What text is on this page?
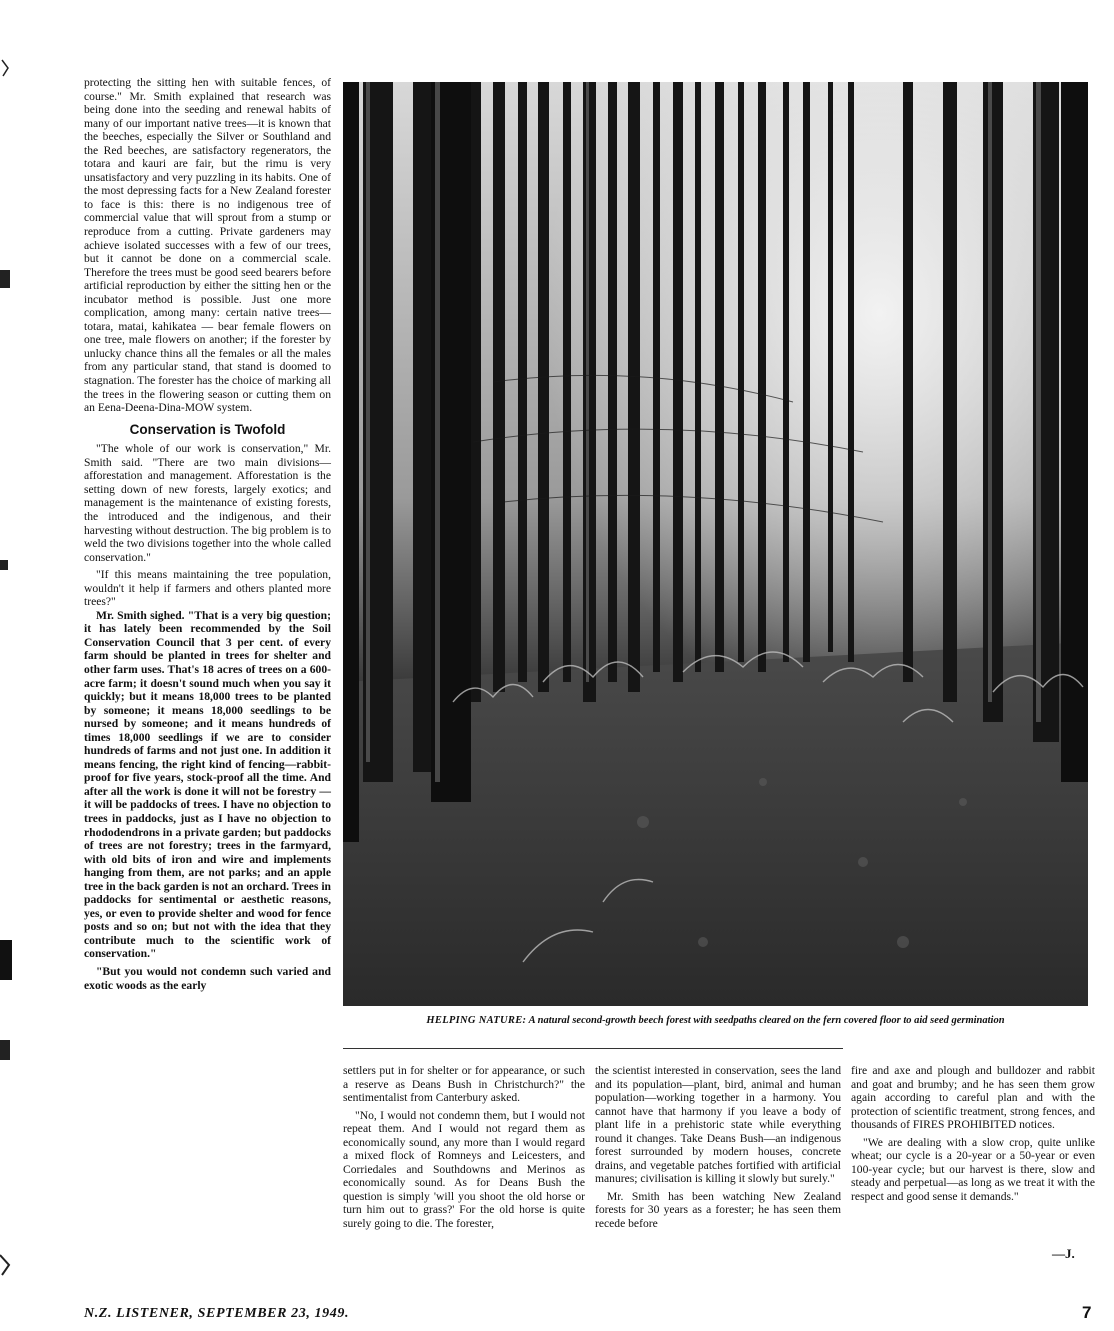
protecting the sitting hen with suitable fences, of course." Mr. Smith explained that research was being done into the seeding and renewal habits of many of our important native trees—it is known that the beeches, especially the Silver or Southland and the Red beeches, are satisfactory regenerators, the totara and kauri are fair, but the rimu is very unsatisfactory and very puzzling in its habits. One of the most depressing facts for a New Zealand forester to face is this: there is no indigenous tree of commercial value that will sprout from a stump or reproduce from a cutting. Private gardeners may achieve isolated successes with a few of our trees, but it cannot be done on a commercial scale. Therefore the trees must be good seed bearers before artificial reproduction by either the sitting hen or the incubator method is possible. Just one more complication, among many: certain native trees—totara, matai, kahikatea — bear female flowers on one tree, male flowers on another; if the forester by unlucky chance thins all the females or all the males from any particular stand, that stand is doomed to stagnation. The forester has the choice of marking all the trees in the flowering season or cutting them on an Eena-Deena-Dina-MOW system.

Conservation is Twofold

"The whole of our work is conservation," Mr. Smith said. "There are two main divisions—afforestation and management. Afforestation is the setting down of new forests, largely exotics; and management is the maintenance of existing forests, the introduced and the indigenous, and their harvesting without destruction. The big problem is to weld the two divisions together into the whole called conservation."

"If this means maintaining the tree population, wouldn't it help if farmers and others planted more trees?"

Mr. Smith sighed. "That is a very big question; it has lately been recommended by the Soil Conservation Council that 3 per cent. of every farm should be planted in trees for shelter and other farm uses. That's 18 acres of trees on a 600-acre farm; it doesn't sound much when you say it quickly; but it means 18,000 trees to be planted by someone; it means 18,000 seedlings to be nursed by someone; and it means hundreds of times 18,000 seedlings if we are to consider hundreds of farms and not just one. In addition it means fencing, the right kind of fencing—rabbit-proof for five years, stock-proof all the time. And after all the work is done it will not be forestry — it will be paddocks of trees. I have no objection to trees in paddocks, just as I have no objection to rhododendrons in a private garden; but paddocks of trees are not forestry; trees in the farmyard, with old bits of iron and wire and implements hanging from them, are not parks; and an apple tree in the back garden is not an orchard. Trees in paddocks for sentimental or aesthetic reasons, yes, or even to provide shelter and wood for fence posts and so on; but not with the idea that they contribute much to the scientific work of conservation."

"But you would not condemn such varied and exotic woods as the early

HELPING NATURE: A natural second-growth beech forest with seedpaths cleared on the fern covered floor to aid seed germination

settlers put in for shelter or for appearance, or such a reserve as Deans Bush in Christchurch?" the sentimentalist from Canterbury asked.

"No, I would not condemn them, but I would not repeat them. And I would not regard them as economically sound, any more than I would regard a mixed flock of Romneys and Leicesters, and Corriedales and Southdowns and Merinos as economically sound. As for Deans Bush the question is simply 'will you shoot the old horse or turn him out to grass?' For the old horse is quite surely going to die. The forester,

the scientist interested in conservation, sees the land and its population—plant, bird, animal and human population—working together in a harmony. You cannot have that harmony if you leave a body of plant life in a prehistoric state while everything round it changes. Take Deans Bush—an indigenous forest surrounded by modern houses, concrete drains, and vegetable patches fortified with artificial manures; civilisation is killing it slowly but surely."

Mr. Smith has been watching New Zealand forests for 30 years as a forester; he has seen them recede before

fire and axe and plough and bulldozer and rabbit and goat and brumby; and he has seen them grow again according to careful plan and with the protection of scientific treatment, strong fences, and thousands of FIRES PROHIBITED notices.

"We are dealing with a slow crop, quite unlike wheat; our cycle is a 20-year or a 50-year or even 100-year cycle; but our harvest is there, slow and steady and perpetual—as long as we treat it with the respect and good sense it demands."

—J.
N.Z. LISTENER, SEPTEMBER 23, 1949.	7
